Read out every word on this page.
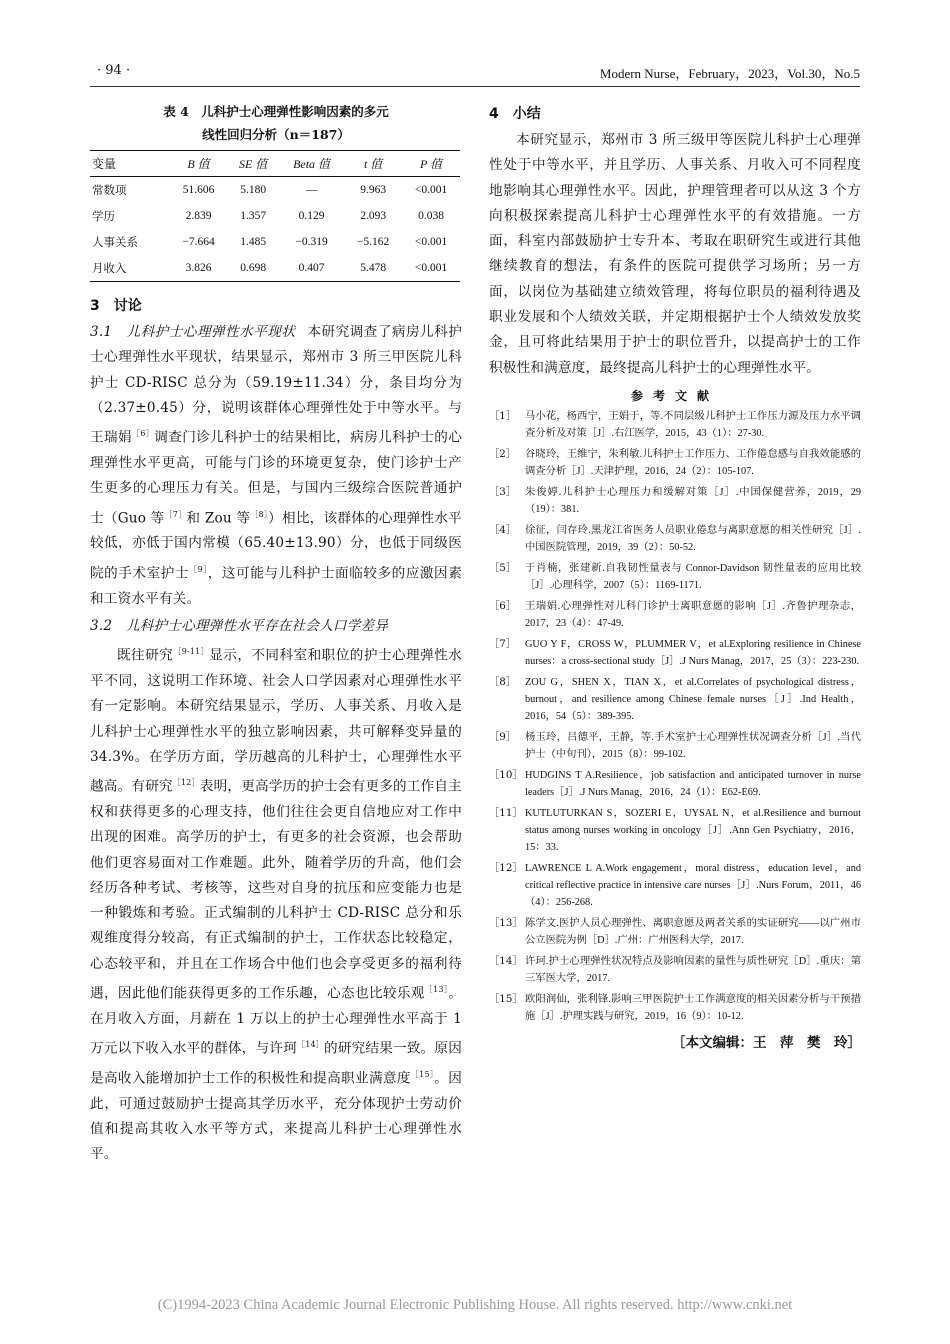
· 94 ·	Modern Nurse，February，2023，Vol.30，No.5
表 4　儿科护士心理弹性影响因素的多元
线性回归分析（n＝187）
变量	B 值	SE 值	Beta 值	t 值	P 值
常数项	51.606	5.180	—	9.963	<0.001
学历	2.839	1.357	0.129	2.093	0.038
人事关系	−7.664	1.485	−0.319	−5.162	<0.001
月收入	3.826	0.698	0.407	5.478	<0.001
3　讨论
3.1　儿科护士心理弹性水平现状 本研究调查了病房儿科护士心理弹性水平现状，结果显示，郑州市 3 所三甲医院儿科护士 CD-RISC 总分为（59.19±11.34）分，条目均分为（2.37±0.45）分，说明该群体心理弹性处于中等水平。与王瑞娟$^{[6]}$调查门诊儿科护士的结果相比，病房儿科护士的心理弹性水平更高，可能与门诊的环境更复杂，使门诊护士产生更多的心理压力有关。但是，与国内三级综合医院普通护士（Guo 等$^{[7]}$和 Zou 等$^{[8]}$）相比，该群体的心理弹性水平较低，亦低于国内常模（65.40±13.90）分，也低于同级医院的手术室护士$^{[9]}$，这可能与儿科护士面临较多的应激因素和工资水平有关。
3.2　儿科护士心理弹性水平存在社会人口学差异
既往研究$^{[9-11]}$显示，不同科室和职位的护士心理弹性水平不同，这说明工作环境、社会人口学因素对心理弹性水平有一定影响。本研究结果显示，学历、人事关系、月收入是儿科护士心理弹性水平的独立影响因素，共可解释变异量的 34.3%。在学历方面，学历越高的儿科护士，心理弹性水平越高。有研究$^{[12]}$表明，更高学历的护士会有更多的工作自主权和获得更多的心理支持，他们往往会更自信地应对工作中出现的困难。高学历的护士，有更多的社会资源，也会帮助他们更容易面对工作难题。此外，随着学历的升高，他们会经历各种考试、考核等，这些对自身的抗压和应变能力也是一种锻炼和考验。正式编制的儿科护士 CD-RISC 总分和乐观维度得分较高，有正式编制的护士，工作状态比较稳定，心态较平和，并且在工作场合中他们也会享受更多的福利待遇，因此他们能获得更多的工作乐趣，心态也比较乐观$^{[13]}$。在月收入方面，月薪在 1 万以上的护士心理弹性水平高于 1 万元以下收入水平的群体，与许珂$^{[14]}$的研究结果一致。原因是高收入能增加护士工作的积极性和提高职业满意度$^{[15]}$。因此，可通过鼓励护士提高其学历水平，充分体现护士劳动价值和提高其收入水平等方式，来提高儿科护士心理弹性水平。
4　小结
本研究显示，郑州市 3 所三级甲等医院儿科护士心理弹性处于中等水平，并且学历、人事关系、月收入可不同程度地影响其心理弹性水平。因此，护理管理者可以从这 3 个方向积极探索提高儿科护士心理弹性水平的有效措施。一方面，科室内部鼓励护士专升本、考取在职研究生或进行其他继续教育的想法，有条件的医院可提供学习场所；另一方面，以岗位为基础建立绩效管理，将每位职员的福利待遇及职业发展和个人绩效关联，并定期根据护士个人绩效发放奖金，且可将此结果用于护士的职位晋升，以提高护士的工作积极性和满意度，最终提高儿科护士的心理弹性水平。
参考文献
［1］ 马小花，杨西宁，王娟于，等.不同层级儿科护士工作压力源及压力水平调查分析及对策［J］.右江医学，2015，43（1）：27-30.
［2］ 谷晓玲，王维宁，朱利敏.儿科护士工作压力、工作倦怠感与自我效能感的调查分析［J］.天津护理，2016，24（2）：105-107.
［3］ 朱俊婷.儿科护士心理压力和缓解对策［J］.中国保健营养，2019，29（19）：381.
［4］ 徐征，闫存玲.黑龙江省医务人员职业倦怠与离职意愿的相关性研究［J］.中国医院管理，2019，39（2）：50-52.
［5］ 于肖楠，张建新.自我韧性量表与 Connor-Davidson 韧性量表的应用比较［J］.心理科学，2007（5）：1169-1171.
［6］ 王瑞娟.心理弹性对儿科门诊护士离职意愿的影响［J］.齐鲁护理杂志，2017，23（4）：47-49.
［7］ GUO Y F，CROSS W，PLUMMER V，et al.Exploring resilience in Chinese nurses：a cross-sectional study［J］.J Nurs Manag，2017，25（3）：223-230.
［8］ ZOU G，SHEN X，TIAN X，et al.Correlates of psychological distress，burnout，and resilience among Chinese female nurses［J］.Ind Health，2016，54（5）：389-395.
［9］ 杨玉玲，吕德平，王静，等.手术室护士心理弹性状况调查分析［J］.当代护士（中旬刊），2015（8）：99-102.
［10］ HUDGINS T A.Resilience，job satisfaction and anticipated turnover in nurse leaders［J］.J Nurs Manag，2016，24（1）：E62-E69.
［11］ KUTLUTURKAN S，SOZERI E，UYSAL N，et al.Resilience and burnout status among nurses working in oncology［J］.Ann Gen Psychiatry，2016，15：33.
［12］ LAWRENCE L A.Work engagement，moral distress，education level，and critical reflective practice in intensive care nurses［J］.Nurs Forum，2011，46（4）：256-268.
［13］ 陈学文.医护人员心理弹性、离职意愿及两者关系的实证研究——以广州市公立医院为例［D］.广州：广州医科大学，2017.
［14］ 许珂.护士心理弹性状况特点及影响因素的量性与质性研究［D］.重庆：第三军医大学，2017.
［15］ 欧阳润仙，张利锋.影响三甲医院护士工作满意度的相关因素分析与干预措施［J］.护理实践与研究，2019，16（9）：10-12.
［本文编辑：王　萍　樊　玲］
(C)1994-2023 China Academic Journal Electronic Publishing House. All rights reserved. http://www.cnki.net
